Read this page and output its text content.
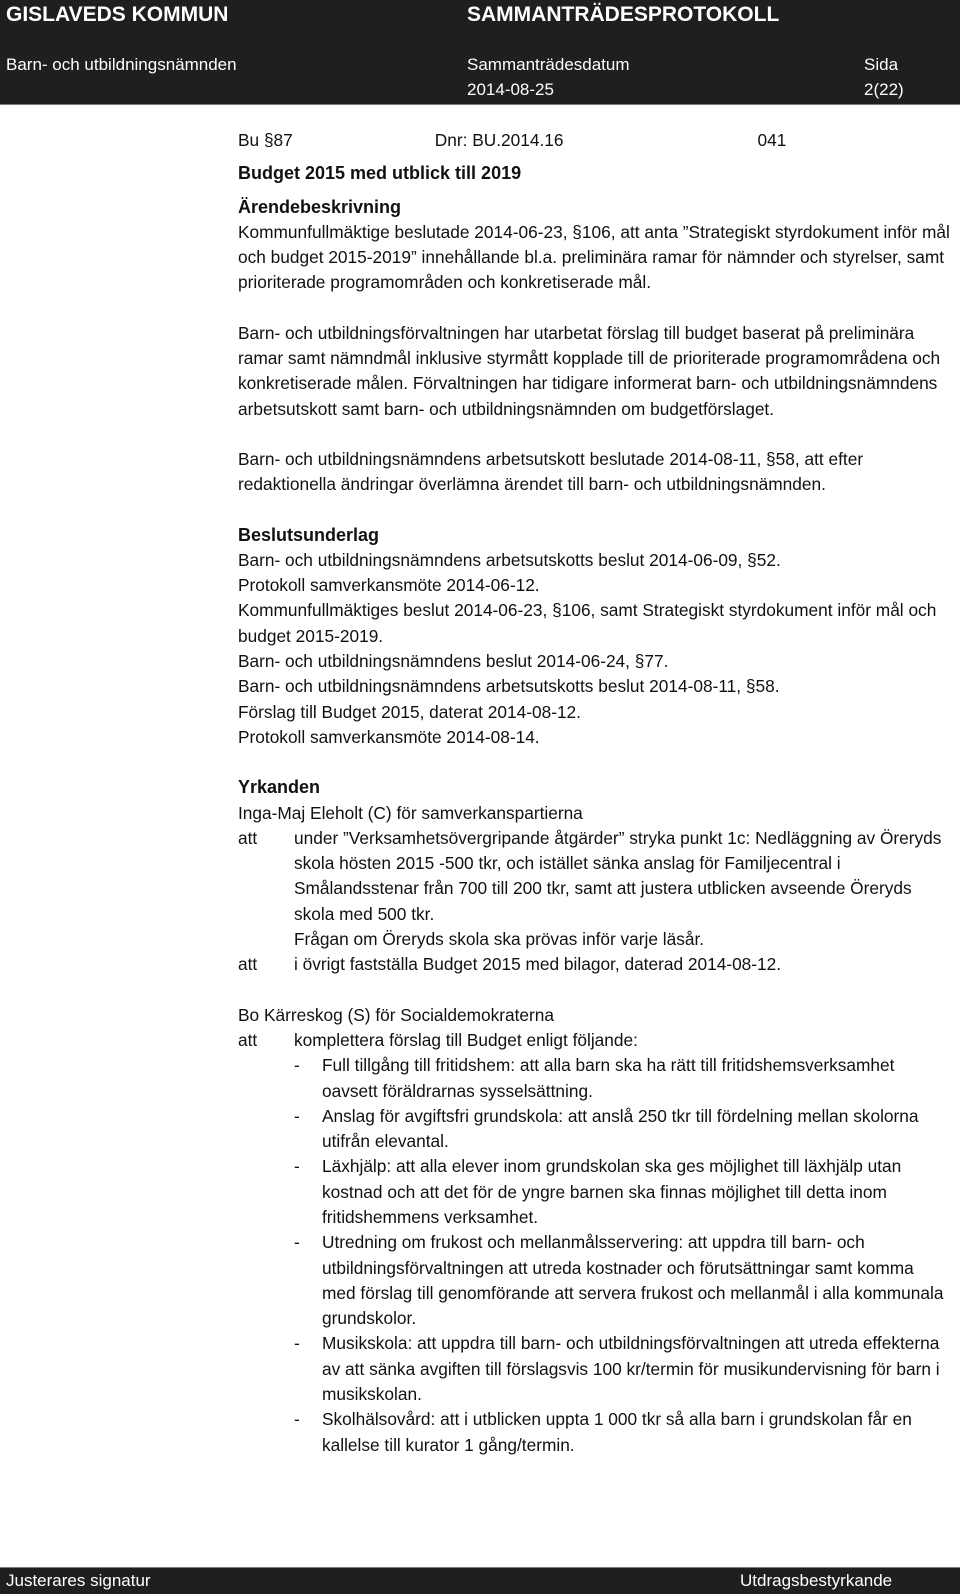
GISLAVEDS KOMMUN	SAMMANTRÄDESPROTOKOLL
Barn- och utbildningsnämnden	Sammanträdesdatum
2014-08-25
Sida
2(22)
Bu §87	Dnr: BU.2014.16	041

Budget 2015 med utblick till 2019

Ärendebeskrivning

Kommunfullmäktige beslutade 2014-06-23, §106, att anta ”Strategiskt styrdokument inför mål och budget 2015-2019” innehållande bl.a. preliminära ramar för nämnder och styrelser, samt prioriterade programområden och konkretiserade mål.

Barn- och utbildningsförvaltningen har utarbetat förslag till budget baserat på preliminära ramar samt nämndmål inklusive styrmått kopplade till de prioriterade programområdena och konkretiserade målen. Förvaltningen har tidigare informerat barn- och utbildningsnämndens arbetsutskott samt barn- och utbildningsnämnden om budgetförslaget.

Barn- och utbildningsnämndens arbetsutskott beslutade 2014-08-11, §58, att efter redaktionella ändringar överlämna ärendet till barn- och utbildningsnämnden.

Beslutsunderlag

Barn- och utbildningsnämndens arbetsutskotts beslut 2014-06-09, §52.

Protokoll samverkansmöte 2014-06-12.

Kommunfullmäktiges beslut 2014-06-23, §106, samt Strategiskt styrdokument inför mål och budget 2015-2019.

Barn- och utbildningsnämndens beslut 2014-06-24, §77.

Barn- och utbildningsnämndens arbetsutskotts beslut 2014-08-11, §58.

Förslag till Budget 2015, daterat 2014-08-12.

Protokoll samverkansmöte 2014-08-14.

Yrkanden

Inga-Maj Eleholt (C) för samverkanspartierna

att	under ”Verksamhetsövergripande åtgärder” stryka punkt 1c: Nedläggning av Öreryds skola hösten 2015 -500 tkr, och istället sänka anslag för Familjecentral i Smålandsstenar från 700 till 200 tkr, samt att justera utblicken avseende Öreryds skola med 500 tkr.

Frågan om Öreryds skola ska prövas inför varje läsår.

att	i övrigt fastställa Budget 2015 med bilagor, daterad 2014-08-12.

Bo Kärreskog (S) för Socialdemokraterna

att	komplettera förslag till Budget enligt följande:

-	Full tillgång till fritidshem: att alla barn ska ha rätt till fritidshemsverksamhet oavsett föräldrarnas sysselsättning.

-	Anslag för avgiftsfri grundskola: att anslå 250 tkr till fördelning mellan skolorna utifrån elevantal.

-	Läxhjälp: att alla elever inom grundskolan ska ges möjlighet till läxhjälp utan kostnad och att det för de yngre barnen ska finnas möjlighet till detta inom fritidshemmens verksamhet.

-	Utredning om frukost och mellanmålsservering: att uppdra till barn- och utbildningsförvaltningen att utreda kostnader och förutsättningar samt komma med förslag till genomförande att servera frukost och mellanmål i alla kommunala grundskolor.

-	Musikskola: att uppdra till barn- och utbildningsförvaltningen att utreda effekterna av att sänka avgiften till förslagsvis 100 kr/termin för musikundervisning för barn i musikskolan.

-	Skolhälsovård: att i utblicken uppta 1 000 tkr så alla barn i grundskolan får en kallelse till kurator 1 gång/termin.

Justerares signatur	Utdragsbestyrkande
